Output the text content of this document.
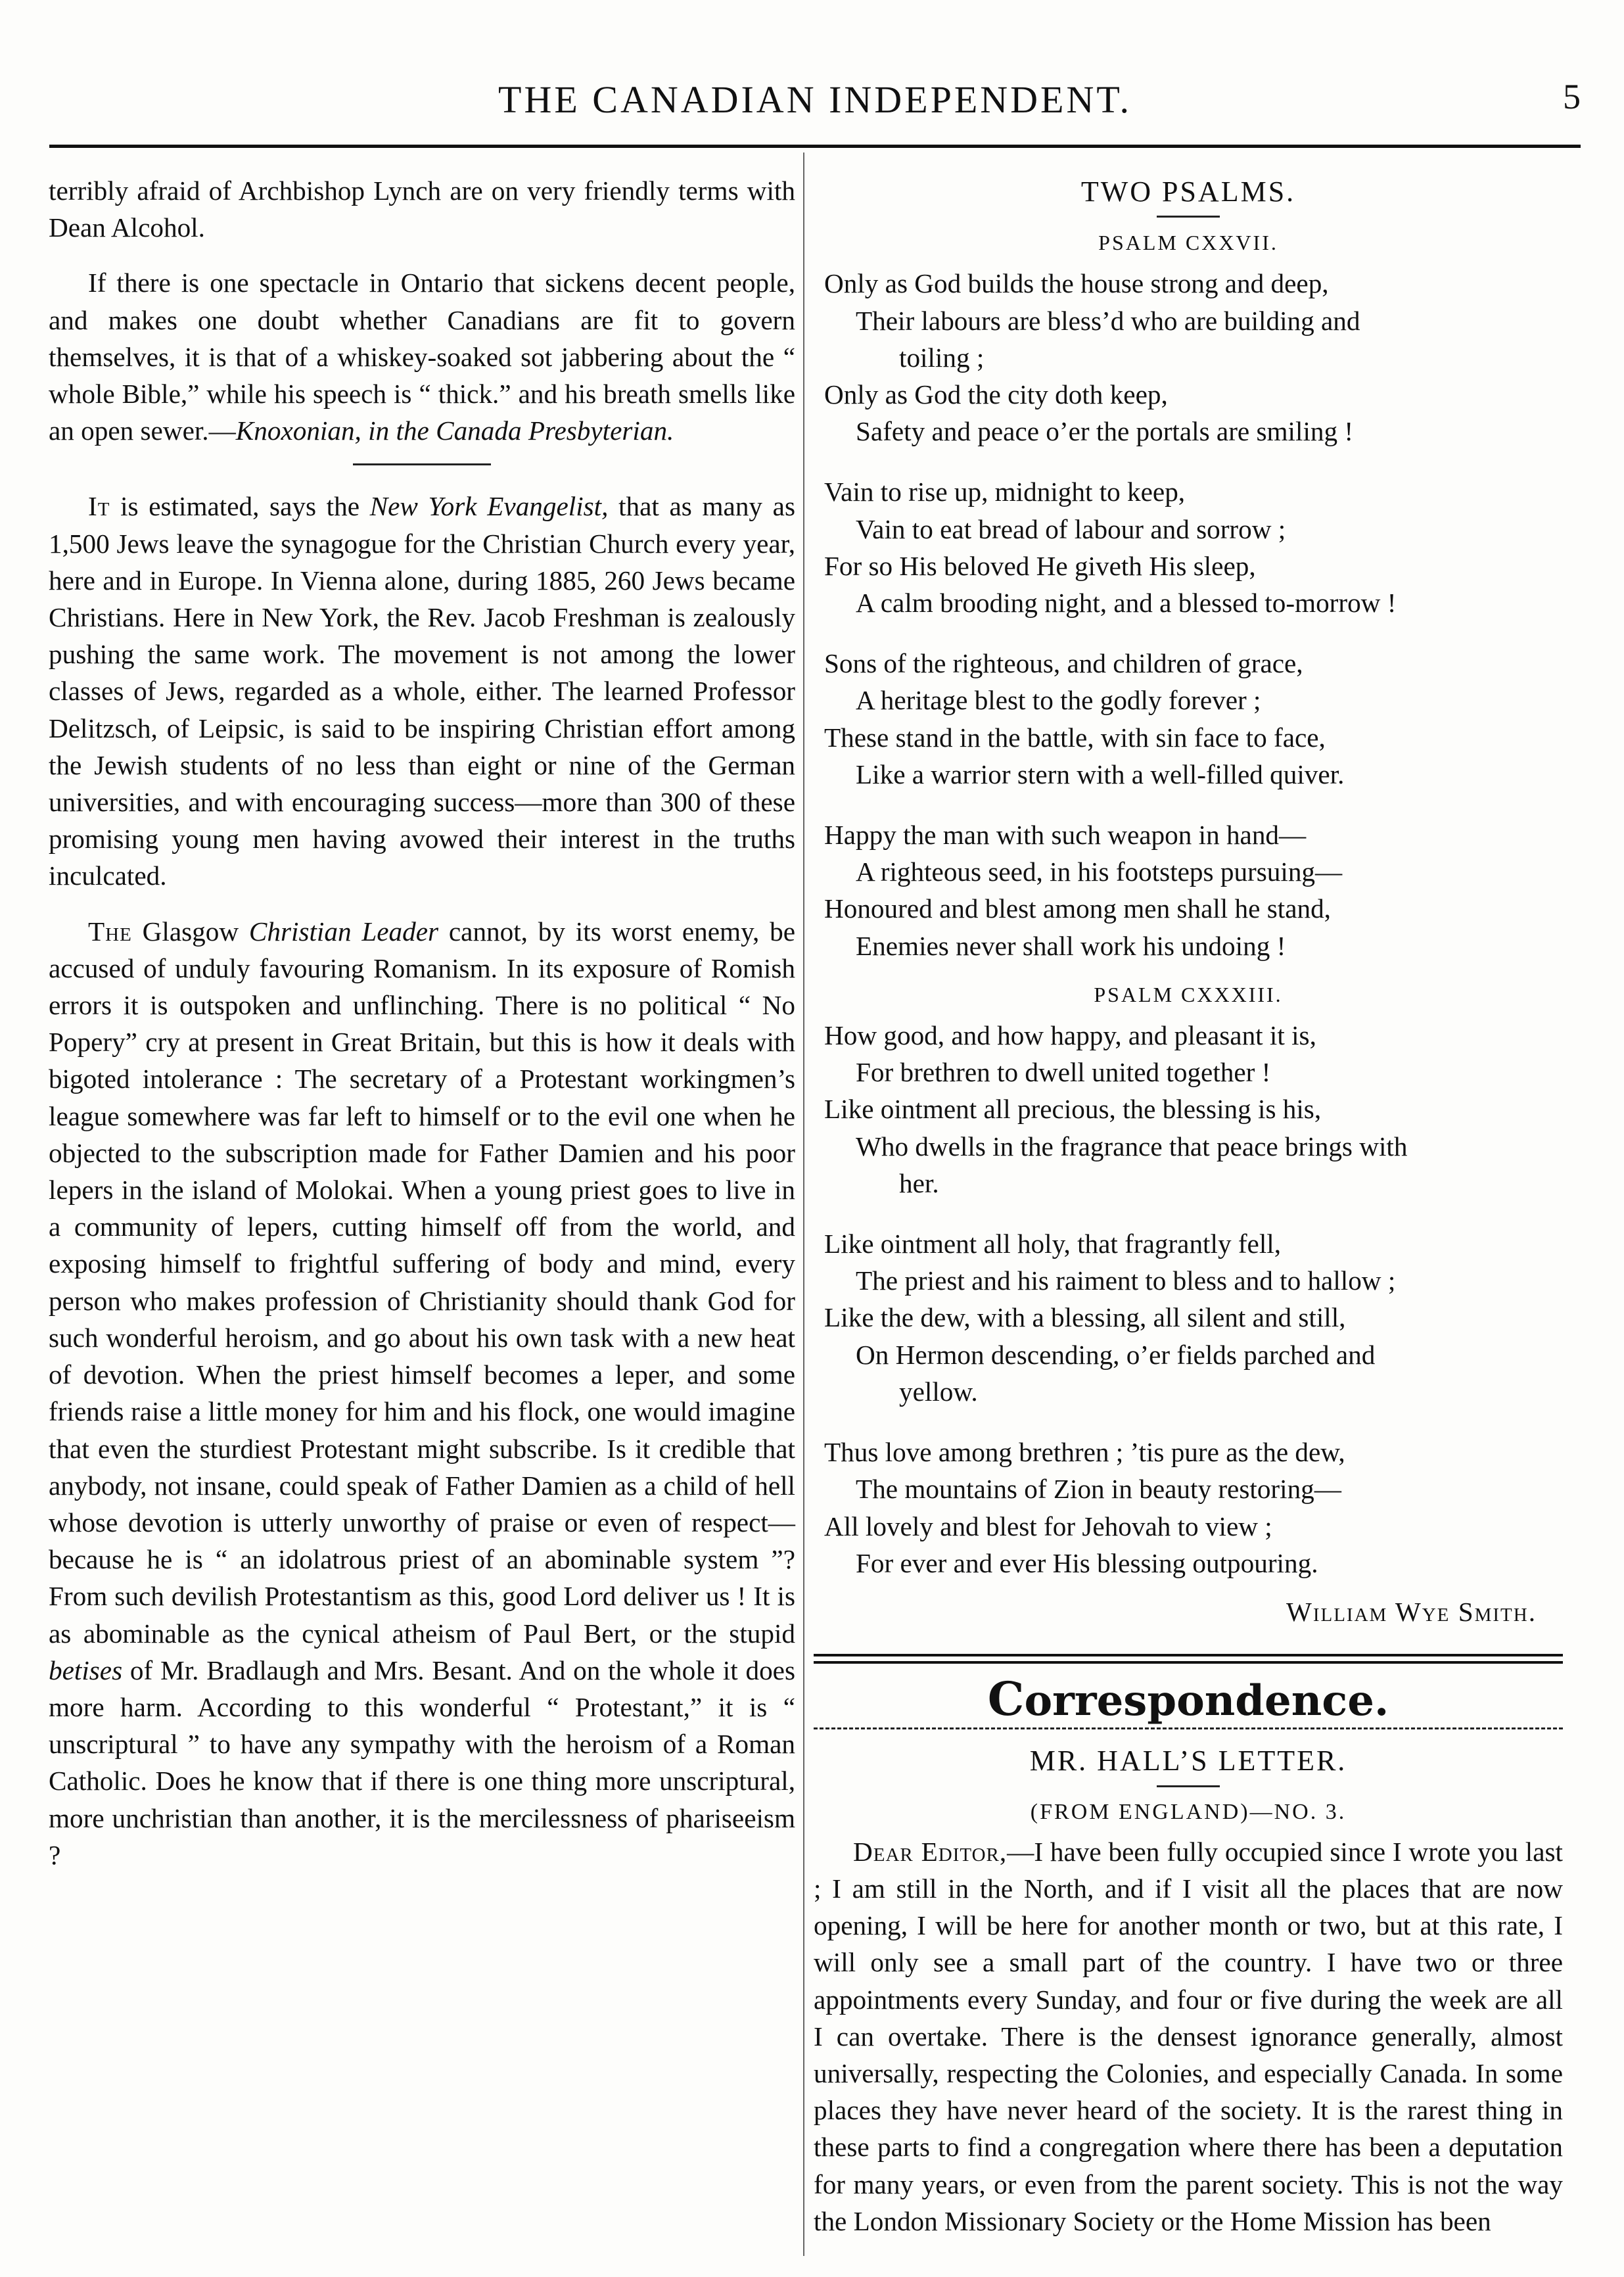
THE CANADIAN INDEPENDENT.	5

terribly afraid of Archbishop Lynch are on very friendly terms with Dean Alcohol.

If there is one spectacle in Ontario that sickens decent people, and makes one doubt whether Canadians are fit to govern themselves, it is that of a whiskey-soaked sot jabbering about the “ whole Bible,” while his speech is “ thick.” and his breath smells like an open sewer.—Knoxonian, in the Canada Presbyterian.

It is estimated, says the New York Evangelist, that as many as 1,500 Jews leave the synagogue for the Christian Church every year, here and in Europe. In Vienna alone, during 1885, 260 Jews became Christians. Here in New York, the Rev. Jacob Freshman is zealously pushing the same work. The movement is not among the lower classes of Jews, regarded as a whole, either. The learned Professor Delitzsch, of Leipsic, is said to be inspiring Christian effort among the Jewish students of no less than eight or nine of the German universities, and with encouraging success—more than 300 of these promising young men having avowed their interest in the truths inculcated.

The Glasgow Christian Leader cannot, by its worst enemy, be accused of unduly favouring Romanism. In its exposure of Romish errors it is outspoken and unflinching. There is no political “ No Popery” cry at present in Great Britain, but this is how it deals with bigoted intolerance : The secretary of a Protestant workingmen’s league somewhere was far left to himself or to the evil one when he objected to the subscription made for Father Damien and his poor lepers in the island of Molokai. When a young priest goes to live in a community of lepers, cutting himself off from the world, and exposing himself to frightful suffering of body and mind, every person who makes profession of Christianity should thank God for such wonderful heroism, and go about his own task with a new heat of devotion. When the priest himself becomes a leper, and some friends raise a little money for him and his flock, one would imagine that even the sturdiest Protestant might subscribe. Is it credible that anybody, not insane, could speak of Father Damien as a child of hell whose devotion is utterly unworthy of praise or even of respect—because he is “ an idolatrous priest of an abominable system ”? From such devilish Protestantism as this, good Lord deliver us ! It is as abominable as the cynical atheism of Paul Bert, or the stupid betises of Mr. Bradlaugh and Mrs. Besant. And on the whole it does more harm. According to this wonderful “ Protestant,” it is “ unscriptural ” to have any sympathy with the heroism of a Roman Catholic. Does he know that if there is one thing more unscriptural, more unchristian than another, it is the mercilessness of phariseeism ?

TWO PSALMS.
PSALM CXXVII.
Only as God builds the house strong and deep,
Their labours are bless’d who are building and
toiling ;
Only as God the city doth keep,
Safety and peace o’er the portals are smiling !
Vain to rise up, midnight to keep,
Vain to eat bread of labour and sorrow ;
For so His beloved He giveth His sleep,
A calm brooding night, and a blessed to-morrow !
Sons of the righteous, and children of grace,
A heritage blest to the godly forever ;
These stand in the battle, with sin face to face,
Like a warrior stern with a well-filled quiver.
Happy the man with such weapon in hand—
A righteous seed, in his footsteps pursuing—
Honoured and blest among men shall he stand,
Enemies never shall work his undoing !
PSALM CXXXIII.
How good, and how happy, and pleasant it is,
For brethren to dwell united together !
Like ointment all precious, the blessing is his,
Who dwells in the fragrance that peace brings with
her.
Like ointment all holy, that fragrantly fell,
The priest and his raiment to bless and to hallow ;
Like the dew, with a blessing, all silent and still,
On Hermon descending, o’er fields parched and
yellow.
Thus love among brethren ; ’tis pure as the dew,
The mountains of Zion in beauty restoring—
All lovely and blest for Jehovah to view ;
For ever and ever His blessing outpouring.
William Wye Smith.
Correspondence.
MR. HALL’S LETTER.
(FROM ENGLAND)—NO. 3.

Dear Editor,—I have been fully occupied since I wrote you last ; I am still in the North, and if I visit all the places that are now opening, I will be here for another month or two, but at this rate, I will only see a small part of the country. I have two or three appointments every Sunday, and four or five during the week are all I can overtake. There is the densest ignorance generally, almost universally, respecting the Colonies, and especially Canada. In some places they have never heard of the society. It is the rarest thing in these parts to find a congregation where there has been a deputation for many years, or even from the parent society. This is not the way the London Missionary Society or the Home Mission has been
